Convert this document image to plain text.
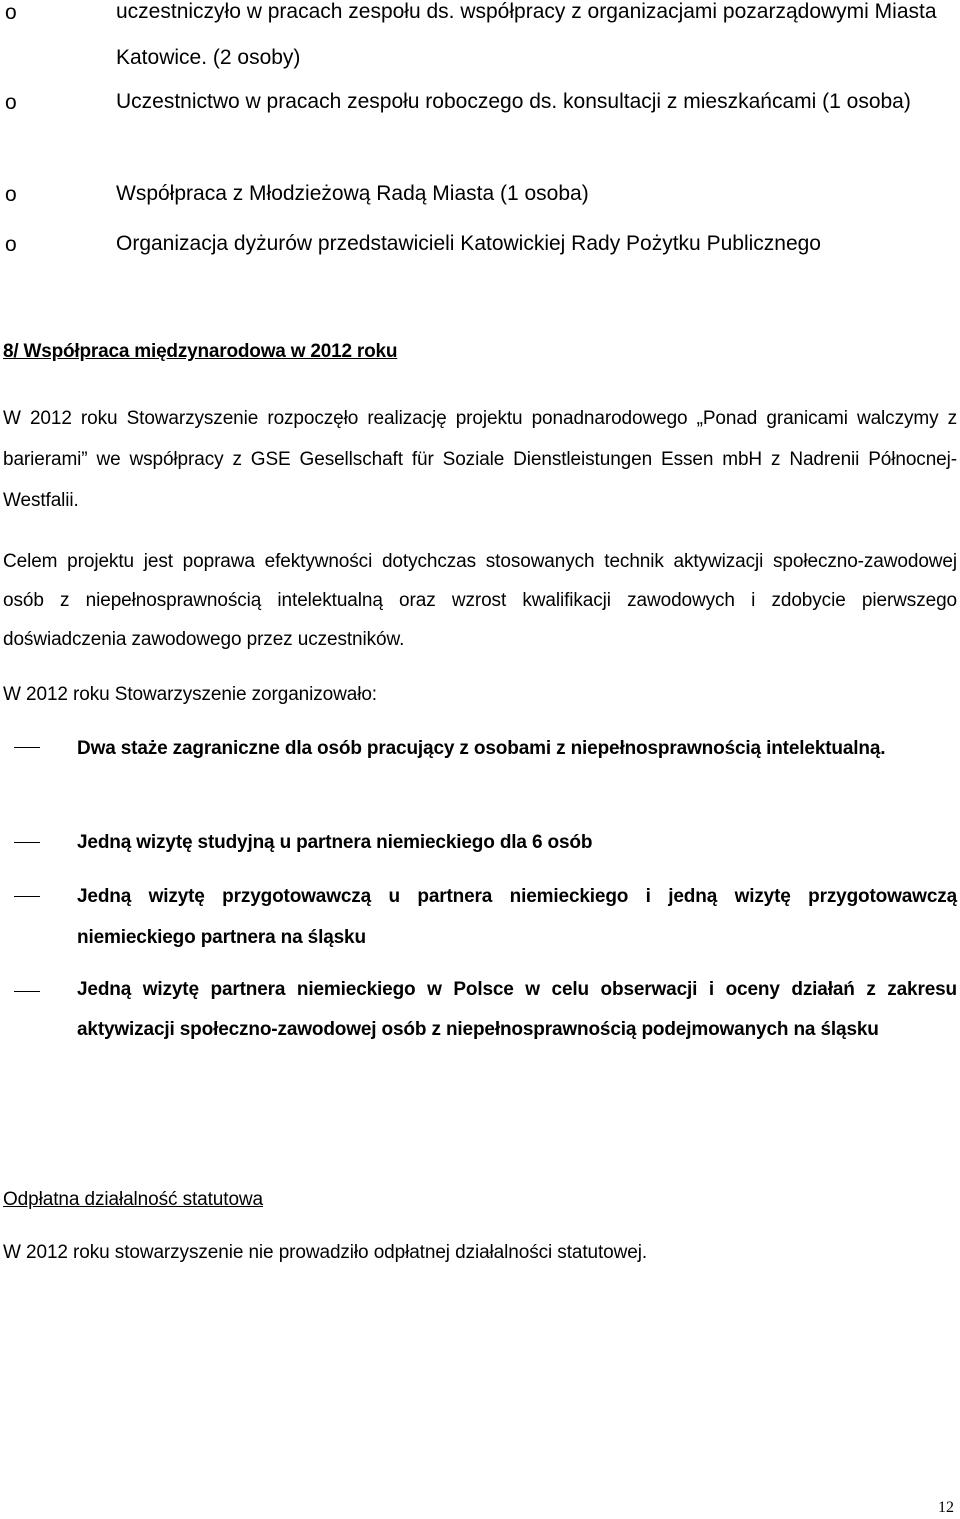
o	uczestniczyło w pracach zespołu ds. współpracy z organizacjami pozarządowymi Miasta Katowice. (2 osoby)
o	Uczestnictwo w pracach zespołu roboczego ds. konsultacji z mieszkańcami (1 osoba)
o	Współpraca z Młodzieżową Radą Miasta (1 osoba)
o	Organizacja dyżurów przedstawicieli Katowickiej Rady Pożytku Publicznego
8/ Współpraca międzynarodowa w 2012 roku
W 2012 roku Stowarzyszenie rozpoczęło realizację projektu ponadnarodowego „Ponad granicami walczymy z barierami” we współpracy z GSE Gesellschaft für Soziale Dienstleistungen Essen mbH z Nadrenii Północnej-Westfalii.
Celem projektu jest poprawa efektywności dotychczas stosowanych technik aktywizacji społeczno-zawodowej osób z niepełnosprawnością intelektualną oraz wzrost kwalifikacji zawodowych i zdobycie pierwszego doświadczenia zawodowego przez uczestników.
W 2012 roku Stowarzyszenie zorganizowało:
Dwa staże zagraniczne dla osób pracujący z osobami z niepełnosprawnością intelektualną.
Jedną wizytę studyjną u partnera niemieckiego dla 6 osób
Jedną wizytę przygotowawczą u partnera niemieckiego i jedną wizytę przygotowawczą niemieckiego partnera na śląsku
Jedną wizytę partnera niemieckiego w Polsce w celu obserwacji i oceny działań z zakresu aktywizacji społeczno-zawodowej osób z niepełnosprawnością podejmowanych na śląsku
Odpłatna działalność statutowa
W 2012 roku stowarzyszenie nie prowadziło odpłatnej działalności statutowej.
12
